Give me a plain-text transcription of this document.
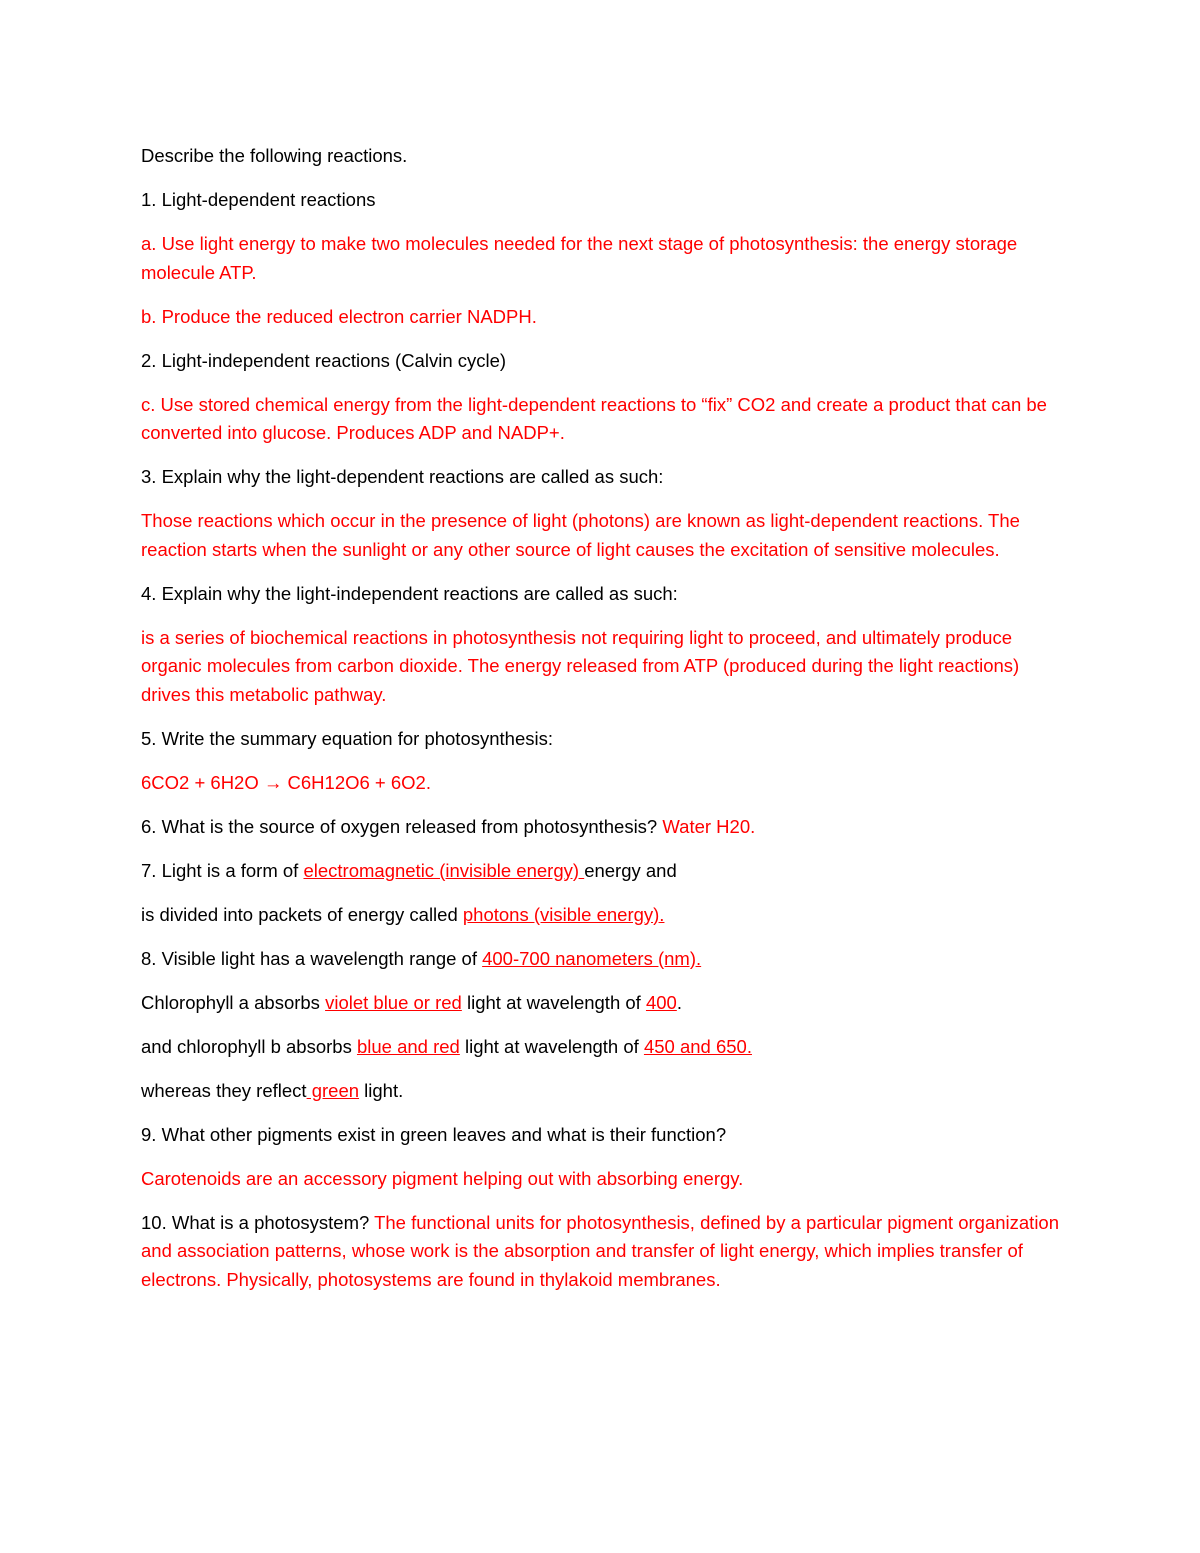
Describe the following reactions.

1. Light-dependent reactions

a. Use light energy to make two molecules needed for the next stage of photosynthesis: the energy storage molecule ATP.

b. Produce the reduced electron carrier NADPH.

2. Light-independent reactions (Calvin cycle)

c. Use stored chemical energy from the light-dependent reactions to “fix” CO2 and create a product that can be converted into glucose. Produces ADP and NADP+.

3. Explain why the light-dependent reactions are called as such:

Those reactions which occur in the presence of light (photons) are known as light-dependent reactions. The reaction starts when the sunlight or any other source of light causes the excitation of sensitive molecules.

4. Explain why the light-independent reactions are called as such:

is a series of biochemical reactions in photosynthesis not requiring light to proceed, and ultimately produce organic molecules from carbon dioxide. The energy released from ATP (produced during the light reactions) drives this metabolic pathway.

5. Write the summary equation for photosynthesis:

6CO2 + 6H2O → C6H12O6 + 6O2.

6. What is the source of oxygen released from photosynthesis? Water H20.

7. Light is a form of electromagnetic (invisible energy) energy and

is divided into packets of energy called photons (visible energy).

8. Visible light has a wavelength range of 400-700 nanometers (nm).

Chlorophyll a absorbs violet blue or red light at wavelength of 400.

and chlorophyll b absorbs blue and red light at wavelength of 450 and 650.

whereas they reflect green light.

9. What other pigments exist in green leaves and what is their function?

Carotenoids are an accessory pigment helping out with absorbing energy.

10. What is a photosystem? The functional units for photosynthesis, defined by a particular pigment organization and association patterns, whose work is the absorption and transfer of light energy, which implies transfer of electrons. Physically, photosystems are found in thylakoid membranes.
